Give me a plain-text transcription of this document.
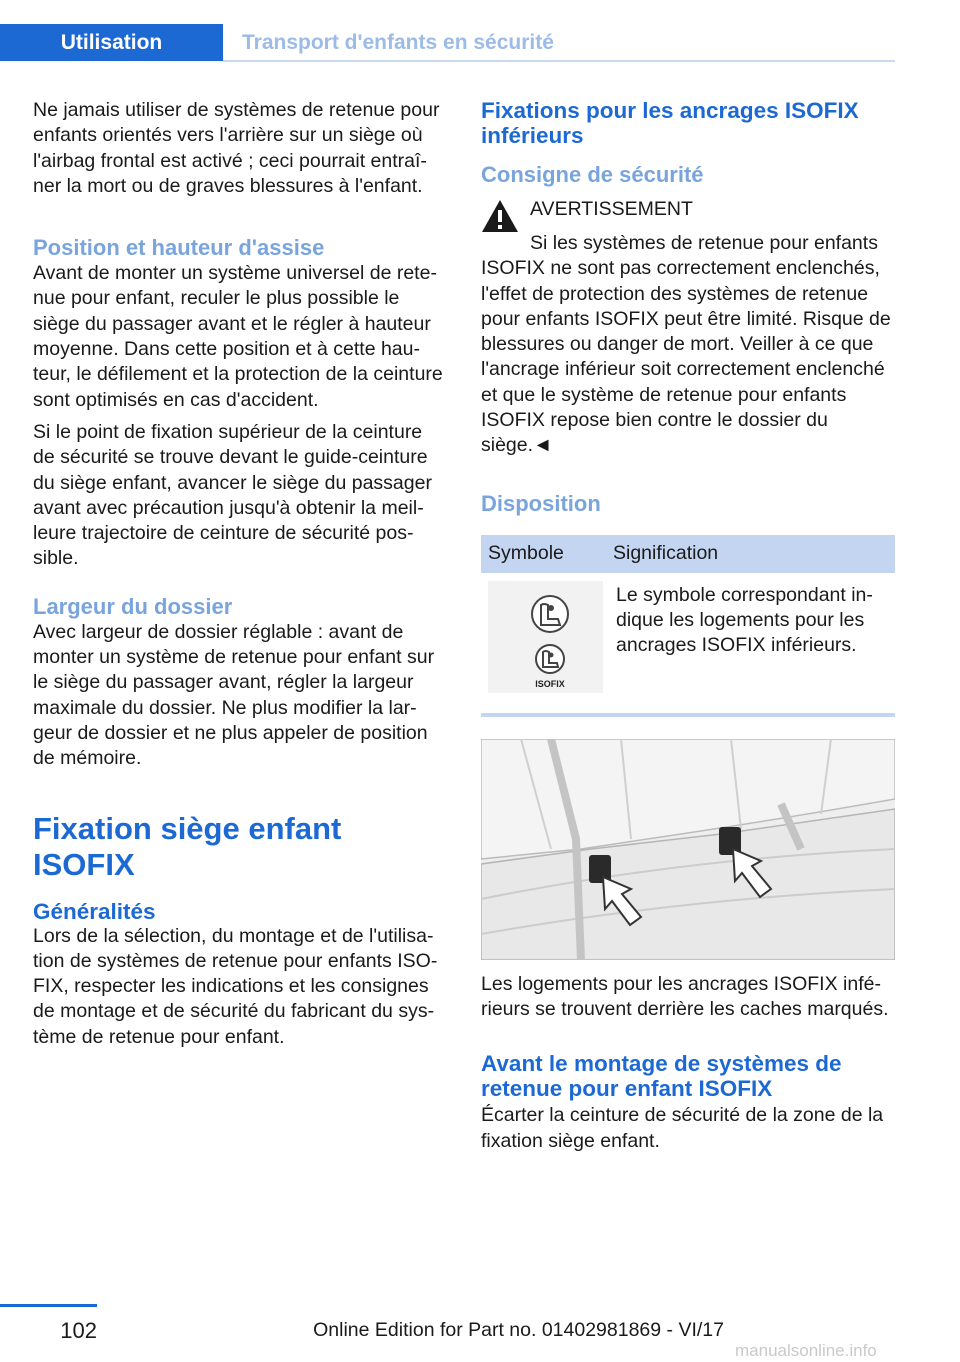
Utilisation	Transport d'enfants en sécurité

Ne jamais utiliser de systèmes de retenue pour enfants orientés vers l'arrière sur un siège où l'airbag frontal est activé ; ceci pourrait entraîner la mort ou de graves blessures à l'enfant.

Position et hauteur d'assise

Avant de monter un système universel de retenue pour enfant, reculer le plus possible le siège du passager avant et le régler à hauteur moyenne. Dans cette position et à cette hauteur, le défilement et la protection de la ceinture sont optimisés en cas d'accident.

Si le point de fixation supérieur de la ceinture de sécurité se trouve devant le guide-ceinture du siège enfant, avancer le siège du passager avant avec précaution jusqu'à obtenir la meilleure trajectoire de ceinture de sécurité possible.

Largeur du dossier

Avec largeur de dossier réglable : avant de monter un système de retenue pour enfant sur le siège du passager avant, régler la largeur maximale du dossier. Ne plus modifier la largeur de dossier et ne plus appeler de position de mémoire.

Fixation siège enfant ISOFIX
Généralités

Lors de la sélection, du montage et de l'utilisation de systèmes de retenue pour enfants ISOFIX, respecter les indications et les consignes de montage et de sécurité du fabricant du système de retenue pour enfant.

Fixations pour les ancrages ISOFIX inférieurs
Consigne de sécurité
AVERTISSEMENT

Si les systèmes de retenue pour enfants ISOFIX ne sont pas correctement enclenchés, l'effet de protection des systèmes de retenue pour enfants ISOFIX peut être limité. Risque de blessures ou danger de mort. Veiller à ce que l'ancrage inférieur soit correctement enclenché et que le système de retenue pour enfants ISOFIX repose bien contre le dossier du siège.◄

Disposition
Symbole	Signification

ISOFIX	Le symbole correspondant indique les logements pour les ancrages ISOFIX inférieurs.

Les logements pour les ancrages ISOFIX inférieurs se trouvent derrière les caches marqués.

Avant le montage de systèmes de retenue pour enfant ISOFIX

Écarter la ceinture de sécurité de la zone de la fixation siège enfant.

102	Online Edition for Part no. 01402981869 - VI/17
manualsonline.info
